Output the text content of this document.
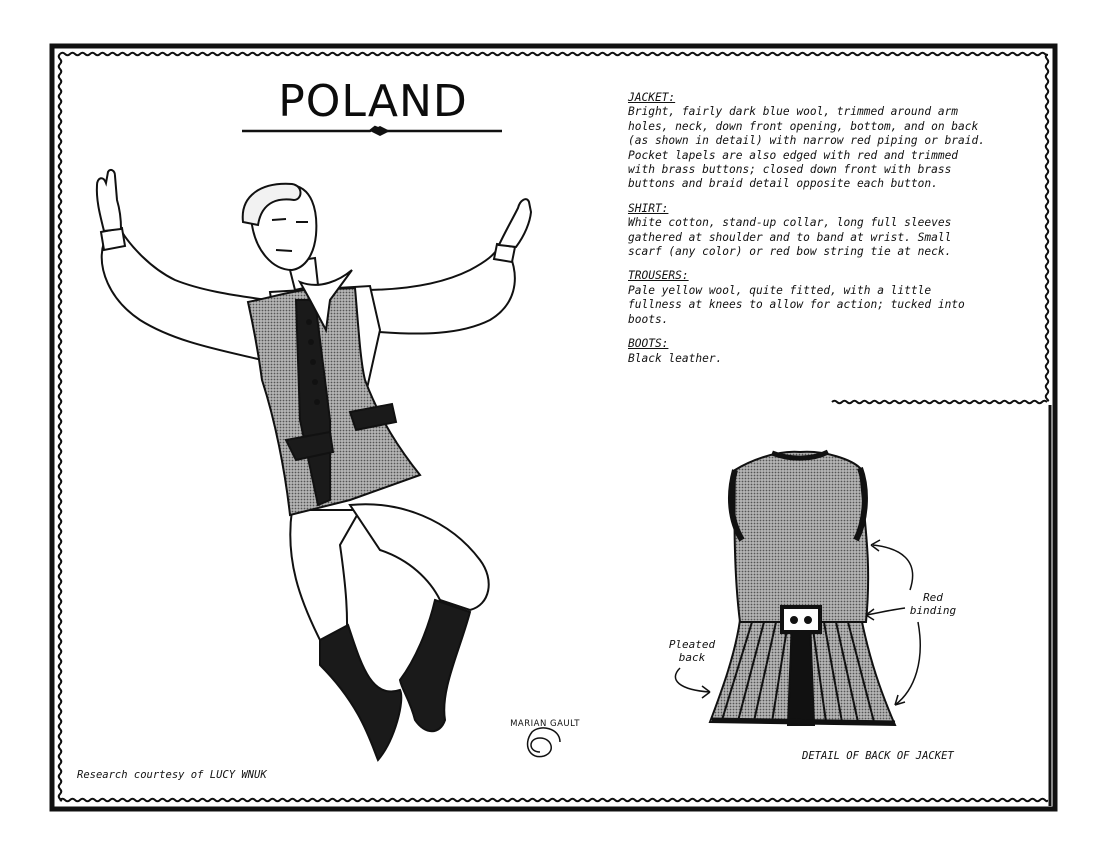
POLAND	JACKET:
Bright, fairly dark blue wool, trimmed around arm
holes, neck, down front opening, bottom, and on back
(as shown in detail) with narrow red piping or braid.
Pocket lapels are also edged with red and trimmed
with brass buttons; closed down front with brass
buttons and braid detail opposite each button.
SHIRT:
White cotton, stand-up collar, long full sleeves
gathered at shoulder and to band at wrist. Small
scarf (any color) or red bow string tie at neck.
TROUSERS:
Pale yellow wool, quite fitted, with a little
fullness at knees to allow for action; tucked into
boots.
BOOTS:
Black leather.
Red
binding
Pleated
back
DETAIL OF BACK OF JACKET
MARIAN GAULT
Research courtesy of LUCY WNUK
